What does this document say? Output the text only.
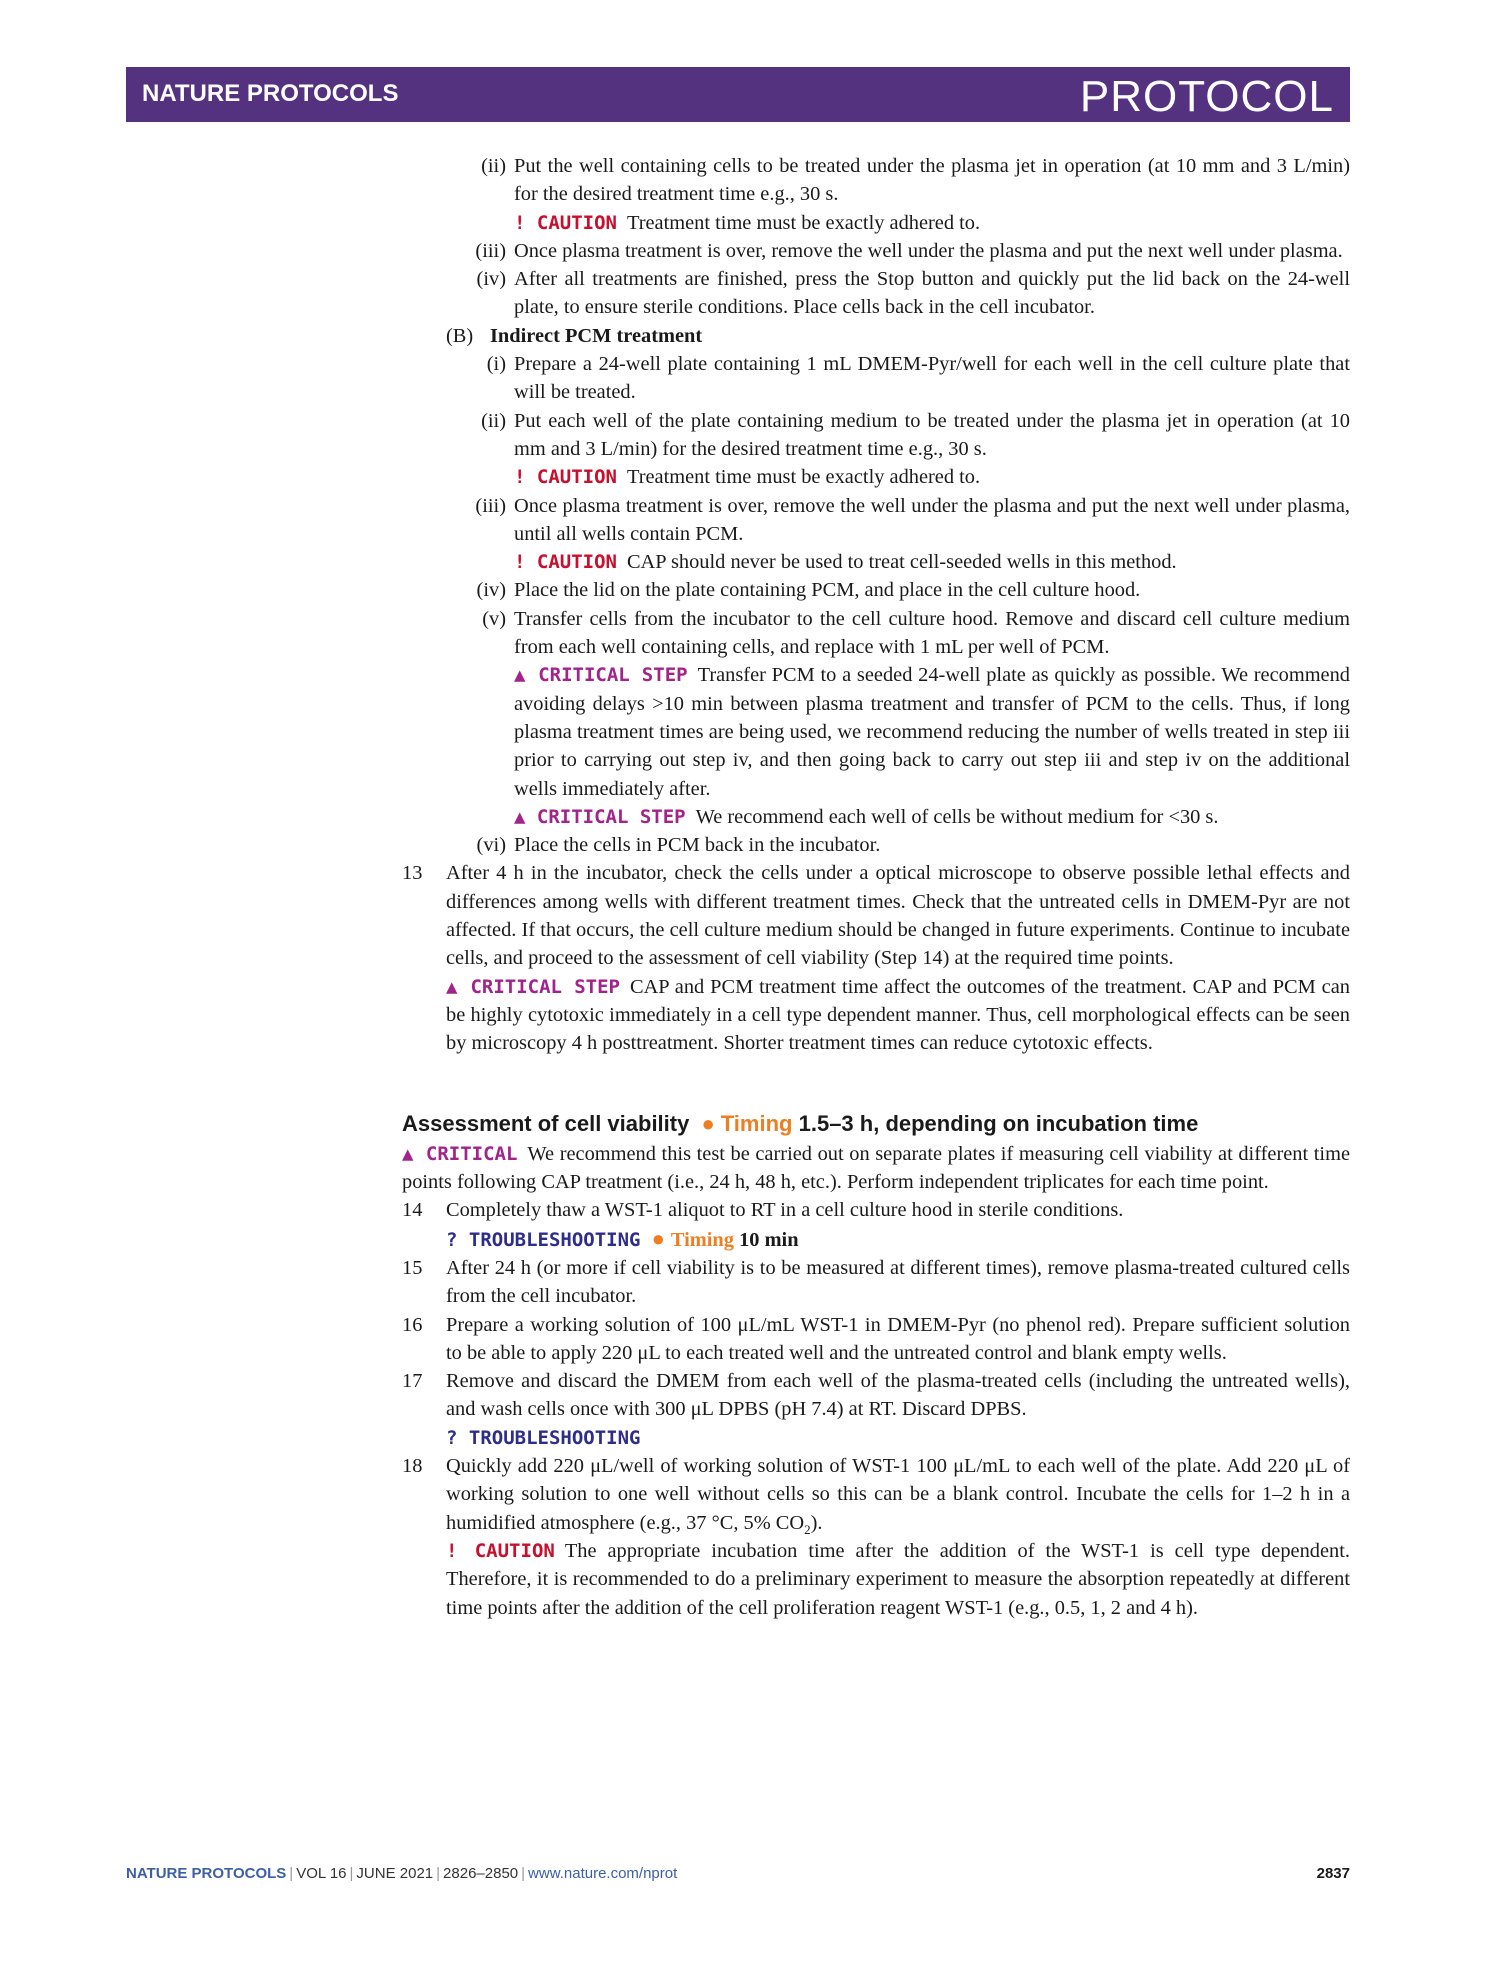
NATURE PROTOCOLS	PROTOCOL
(ii) Put the well containing cells to be treated under the plasma jet in operation (at 10 mm and 3 L/min) for the desired treatment time e.g., 30 s.
! CAUTION Treatment time must be exactly adhered to.
(iii) Once plasma treatment is over, remove the well under the plasma and put the next well under plasma.
(iv) After all treatments are finished, press the Stop button and quickly put the lid back on the 24-well plate, to ensure sterile conditions. Place cells back in the cell incubator.
(B) Indirect PCM treatment
(i) Prepare a 24-well plate containing 1 mL DMEM-Pyr/well for each well in the cell culture plate that will be treated.
(ii) Put each well of the plate containing medium to be treated under the plasma jet in operation (at 10 mm and 3 L/min) for the desired treatment time e.g., 30 s.
! CAUTION Treatment time must be exactly adhered to.
(iii) Once plasma treatment is over, remove the well under the plasma and put the next well under plasma, until all wells contain PCM.
! CAUTION CAP should never be used to treat cell-seeded wells in this method.
(iv) Place the lid on the plate containing PCM, and place in the cell culture hood.
(v) Transfer cells from the incubator to the cell culture hood. Remove and discard cell culture medium from each well containing cells, and replace with 1 mL per well of PCM.
▲ CRITICAL STEP Transfer PCM to a seeded 24-well plate as quickly as possible. We recommend avoiding delays >10 min between plasma treatment and transfer of PCM to the cells. Thus, if long plasma treatment times are being used, we recommend reducing the number of wells treated in step iii prior to carrying out step iv, and then going back to carry out step iii and step iv on the additional wells immediately after.
▲ CRITICAL STEP We recommend each well of cells be without medium for <30 s.
(vi) Place the cells in PCM back in the incubator.
13	After 4 h in the incubator, check the cells under a optical microscope to observe possible lethal effects and differences among wells with different treatment times. Check that the untreated cells in DMEM-Pyr are not affected. If that occurs, the cell culture medium should be changed in future experiments. Continue to incubate cells, and proceed to the assessment of cell viability (Step 14) at the required time points.
▲ CRITICAL STEP CAP and PCM treatment time affect the outcomes of the treatment. CAP and PCM can be highly cytotoxic immediately in a cell type dependent manner. Thus, cell morphological effects can be seen by microscopy 4 h posttreatment. Shorter treatment times can reduce cytotoxic effects.
Assessment of cell viability ● Timing 1.5–3 h, depending on incubation time
▲ CRITICAL We recommend this test be carried out on separate plates if measuring cell viability at different time points following CAP treatment (i.e., 24 h, 48 h, etc.). Perform independent triplicates for each time point.
14	Completely thaw a WST-1 aliquot to RT in a cell culture hood in sterile conditions.
? TROUBLESHOOTING ● Timing 10 min
15	After 24 h (or more if cell viability is to be measured at different times), remove plasma-treated cultured cells from the cell incubator.
16	Prepare a working solution of 100 μL/mL WST-1 in DMEM-Pyr (no phenol red). Prepare sufficient solution to be able to apply 220 μL to each treated well and the untreated control and blank empty wells.
17	Remove and discard the DMEM from each well of the plasma-treated cells (including the untreated wells), and wash cells once with 300 μL DPBS (pH 7.4) at RT. Discard DPBS.
? TROUBLESHOOTING
18	Quickly add 220 μL/well of working solution of WST-1 100 μL/mL to each well of the plate. Add 220 μL of working solution to one well without cells so this can be a blank control. Incubate the cells for 1–2 h in a humidified atmosphere (e.g., 37 °C, 5% $CO_2$).
! CAUTION The appropriate incubation time after the addition of the WST-1 is cell type dependent. Therefore, it is recommended to do a preliminary experiment to measure the absorption repeatedly at different time points after the addition of the cell proliferation reagent WST-1 (e.g., 0.5, 1, 2 and 4 h).
NATURE PROTOCOLS | VOL 16 | JUNE 2021 | 2826–2850 | www.nature.com/nprot	2837
